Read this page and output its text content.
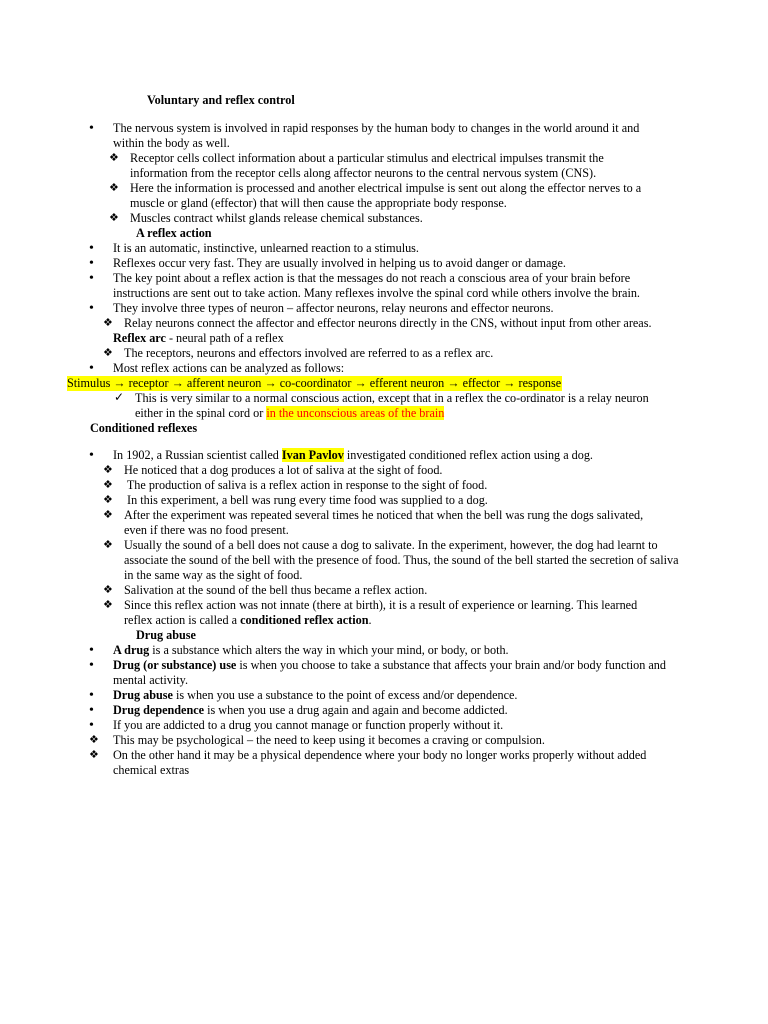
Voluntary and reflex control
• The nervous system is involved in rapid responses by the human body to changes in the world around it and within the body as well.
❖ Receptor cells collect information about a particular stimulus and electrical impulses transmit the information from the receptor cells along affector neurons to the central nervous system (CNS).
❖ Here the information is processed and another electrical impulse is sent out along the effector nerves to a muscle or gland (effector) that will then cause the appropriate body response.
❖ Muscles contract whilst glands release chemical substances.
A reflex action
• It is an automatic, instinctive, unlearned reaction to a stimulus.
• Reflexes occur very fast. They are usually involved in helping us to avoid danger or damage.
• The key point about a reflex action is that the messages do not reach a conscious area of your brain before instructions are sent out to take action. Many reflexes involve the spinal cord while others involve the brain.
• They involve three types of neuron – affector neurons, relay neurons and effector neurons.
❖ Relay neurons connect the affector and effector neurons directly in the CNS, without input from other areas.
Reflex arc - neural path of a reflex
❖ The receptors, neurons and effectors involved are referred to as a reflex arc.
• Most reflex actions can be analyzed as follows:
Stimulus → receptor → afferent neuron → co-coordinator → efferent neuron → effector → response
✓ This is very similar to a normal conscious action, except that in a reflex the co-ordinator is a relay neuron either in the spinal cord or in the unconscious areas of the brain
Conditioned reflexes
• In 1902, a Russian scientist called Ivan Pavlov investigated conditioned reflex action using a dog.
❖ He noticed that a dog produces a lot of saliva at the sight of food.
❖ The production of saliva is a reflex action in response to the sight of food.
❖ In this experiment, a bell was rung every time food was supplied to a dog.
❖ After the experiment was repeated several times he noticed that when the bell was rung the dogs salivated, even if there was no food present.
❖ Usually the sound of a bell does not cause a dog to salivate. In the experiment, however, the dog had learnt to associate the sound of the bell with the presence of food. Thus, the sound of the bell started the secretion of saliva in the same way as the sight of food.
❖ Salivation at the sound of the bell thus became a reflex action.
❖ Since this reflex action was not innate (there at birth), it is a result of experience or learning. This learned reflex action is called a conditioned reflex action.
Drug abuse
• A drug is a substance which alters the way in which your mind, or body, or both.
• Drug (or substance) use is when you choose to take a substance that affects your brain and/or body function and mental activity.
• Drug abuse is when you use a substance to the point of excess and/or dependence.
• Drug dependence is when you use a drug again and again and become addicted.
• If you are addicted to a drug you cannot manage or function properly without it.
❖ This may be psychological – the need to keep using it becomes a craving or compulsion.
❖ On the other hand it may be a physical dependence where your body no longer works properly without added chemical extras
